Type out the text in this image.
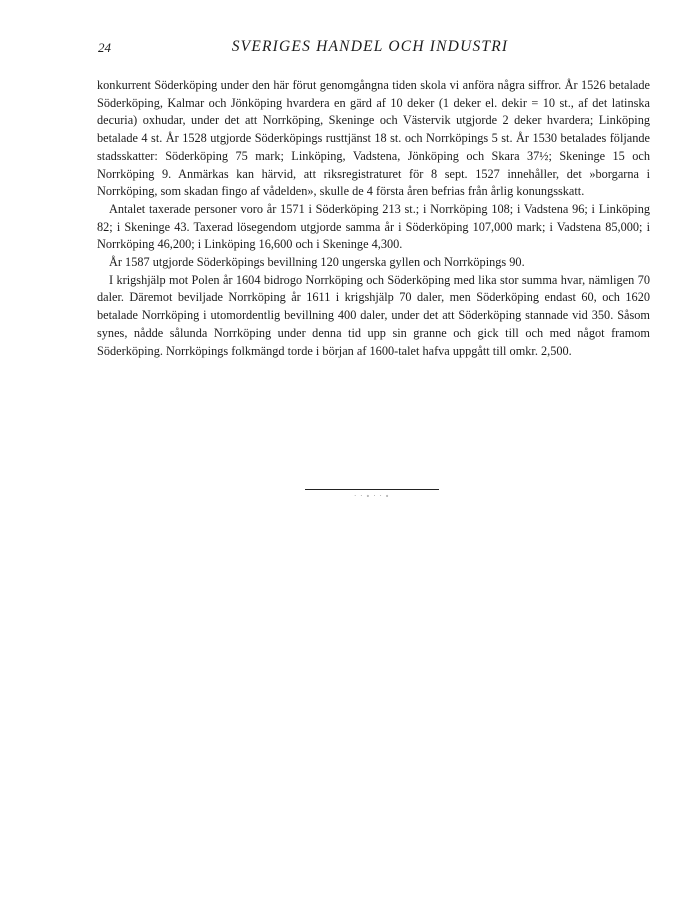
24	SVERIGES HANDEL OCH INDUSTRI

konkurrent Söderköping under den här förut genomgångna tiden skola vi anföra några siffror. År 1526 betalade Söderköping, Kalmar och Jönköping hvardera en gärd af 10 deker (1 deker el. dekir = 10 st., af det latinska decuria) oxhudar, under det att Norrköping, Skeninge och Västervik utgjorde 2 deker hvardera; Linköping betalade 4 st. År 1528 utgjorde Söderköpings rusttjänst 18 st. och Norrköpings 5 st. År 1530 betalades följande stadsskatter: Söderköping 75 mark; Linköping, Vadstena, Jönköping och Skara 37½; Skeninge 15 och Norrköping 9. Anmärkas kan härvid, att riksregistraturet för 8 sept. 1527 innehåller, det »borgarna i Norrköping, som skadan fingo af vådelden», skulle de 4 första åren befrias från årlig konungsskatt.

Antalet taxerade personer voro år 1571 i Söderköping 213 st.; i Norrköping 108; i Vadstena 96; i Linköping 82; i Skeninge 43. Taxerad lösegendom utgjorde samma år i Söderköping 107,000 mark; i Vadstena 85,000; i Norrköping 46,200; i Linköping 16,600 och i Skeninge 4,300.

År 1587 utgjorde Söderköpings bevillning 120 ungerska gyllen och Norrköpings 90.

I krigshjälp mot Polen år 1604 bidrogo Norrköping och Söderköping med lika stor summa hvar, nämligen 70 daler. Däremot beviljade Norrköping år 1611 i krigshjälp 70 daler, men Söderköping endast 60, och 1620 betalade Norrköping i utomordentlig bevillning 400 daler, under det att Söderköping stannade vid 350. Såsom synes, nådde sålunda Norrköping under denna tid upp sin granne och gick till och med något framom Söderköping. Norrköpings folkmängd torde i början af 1600-talet hafva uppgått till omkr. 2,500.

· · ∘ · · ∘
